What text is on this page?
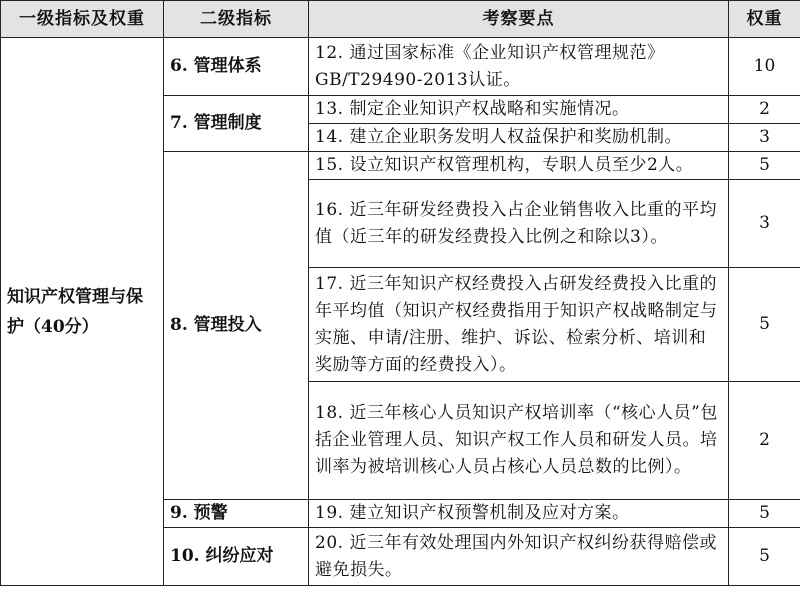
一级指标及权重	二级指标	考察要点	权重
知识产权管理与保护（40分）	6. 管理体系	12. 通过国家标准《企业知识产权管理规范》GB/T29490-2013认证。	10
	7. 管理制度	13. 制定企业知识产权战略和实施情况。	2
		14. 建立企业职务发明人权益保护和奖励机制。	3
	8. 管理投入	15. 设立知识产权管理机构，专职人员至少2人。	5
		16. 近三年研发经费投入占企业销售收入比重的平均值（近三年的研发经费投入比例之和除以3）。	3
		17. 近三年知识产权经费投入占研发经费投入比重的年平均值（知识产权经费指用于知识产权战略制定与实施、申请/注册、维护、诉讼、检索分析、培训和奖励等方面的经费投入）。	5
		18. 近三年核心人员知识产权培训率（“核心人员”包括企业管理人员、知识产权工作人员和研发人员。培训率为被培训核心人员占核心人员总数的比例）。	2
	9. 预警	19. 建立知识产权预警机制及应对方案。	5
	10. 纠纷应对	20. 近三年有效处理国内外知识产权纠纷获得赔偿或避免损失。	5
